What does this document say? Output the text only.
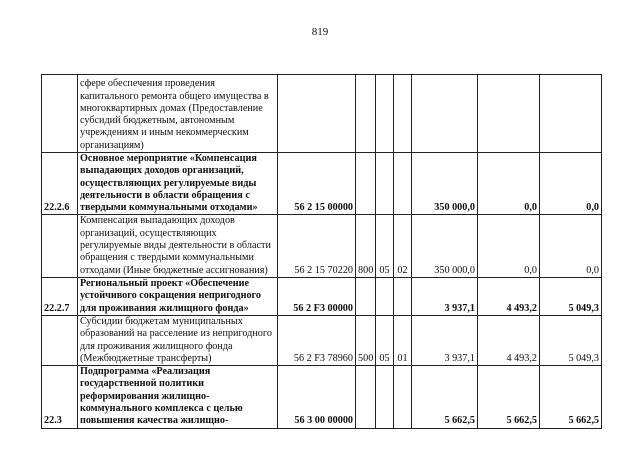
819
	сфере обеспечения проведения капитального ремонта общего имущества в многоквартирных домах (Предоставление субсидий бюджетным, автономным учреждениям и иным некоммерческим организациям)							
22.2.6	Основное мероприятие «Компенсация выпадающих доходов организаций, осуществляющих регулируемые виды деятельности в области обращения с твердыми коммунальными отходами»	56 2 15 00000				350 000,0	0,0	0,0
	Компенсация выпадающих доходов организаций, осуществляющих регулируемые виды деятельности в области обращения с твердыми коммунальными отходами (Иные бюджетные ассигнования)	56 2 15 70220	800	05	02	350 000,0	0,0	0,0
22.2.7	Региональный проект «Обеспечение устойчивого сокращения непригодного для проживания жилищного фонда»	56 2 F3 00000				3 937,1	4 493,2	5 049,3
	Субсидии бюджетам муниципальных образований на расселение из непригодного для проживания жилищного фонда (Межбюджетные трансферты)	56 2 F3 78960	500	05	01	3 937,1	4 493,2	5 049,3
22.3	Подпрограмма «Реализация государственной политики реформирования жилищно-коммунального комплекса с целью повышения качества жилищно-	56 3 00 00000				5 662,5	5 662,5	5 662,5
